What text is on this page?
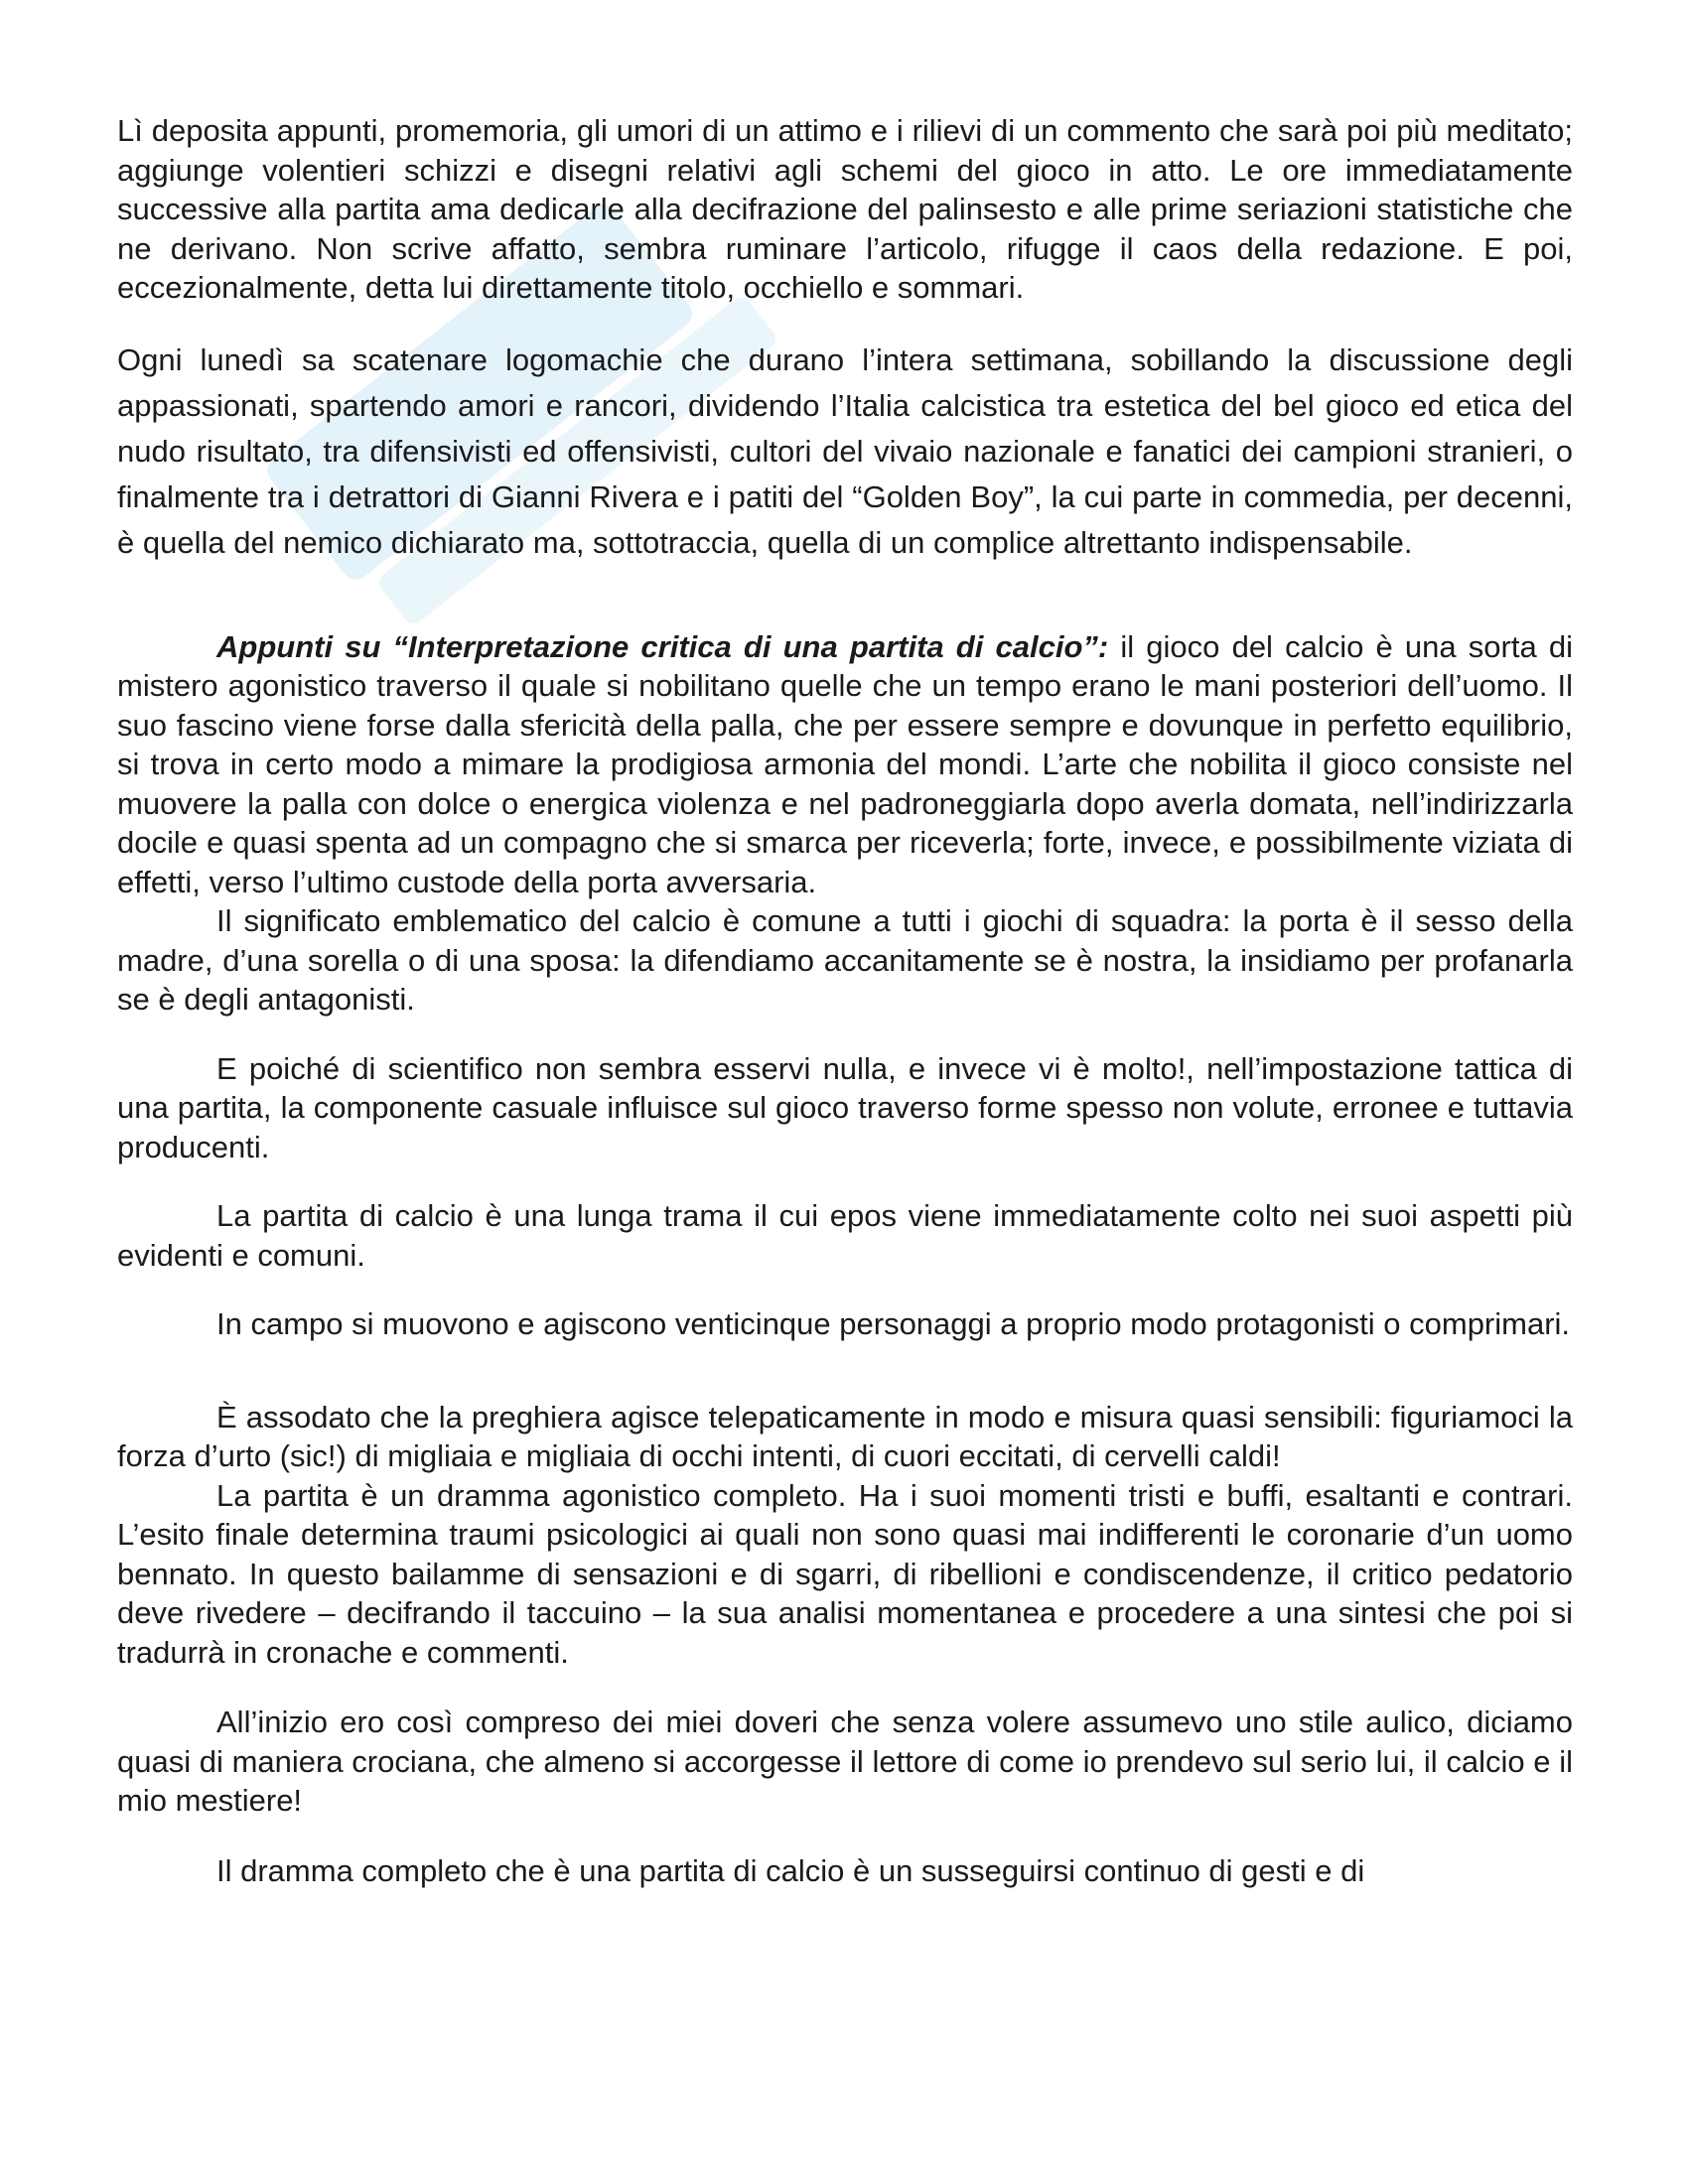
Lì deposita appunti, promemoria, gli umori di un attimo e i rilievi di un commento che sarà poi più meditato; aggiunge volentieri schizzi e disegni relativi agli schemi del gioco in atto. Le ore immediatamente successive alla partita ama dedicarle alla decifrazione del palinsesto e alle prime seriazioni statistiche che ne derivano. Non scrive affatto, sembra ruminare l’articolo, rifugge il caos della redazione. E poi, eccezionalmente, detta lui direttamente titolo, occhiello e sommari.

Ogni lunedì sa scatenare logomachie che durano l’intera settimana, sobillando la discussione degli appassionati, spartendo amori e rancori, dividendo l’Italia calcistica tra estetica del bel gioco ed etica del nudo risultato, tra difensivisti ed offensivisti, cultori del vivaio nazionale e fanatici dei campioni stranieri, o finalmente tra i detrattori di Gianni Rivera e i patiti del “Golden Boy”, la cui parte in commedia, per decenni, è quella del nemico dichiarato ma, sottotraccia, quella di un complice altrettanto indispensabile.

Appunti su “Interpretazione critica di una partita di calcio”: il gioco del calcio è una sorta di mistero agonistico traverso il quale si nobilitano quelle che un tempo erano le mani posteriori dell’uomo. Il suo fascino viene forse dalla sfericità della palla, che per essere sempre e dovunque in perfetto equilibrio, si trova in certo modo a mimare la prodigiosa armonia del mondi. L’arte che nobilita il gioco consiste nel muovere la palla con dolce o energica violenza e nel padroneggiarla dopo averla domata, nell’indirizzarla docile e quasi spenta ad un compagno che si smarca per riceverla; forte, invece, e possibilmente viziata di effetti, verso l’ultimo custode della porta avversaria.

Il significato emblematico del calcio è comune a tutti i giochi di squadra: la porta è il sesso della madre, d’una sorella o di una sposa: la difendiamo accanitamente se è nostra, la insidiamo per profanarla se è degli antagonisti.

E poiché di scientifico non sembra esservi nulla, e invece vi è molto!, nell’impostazione tattica di una partita, la componente casuale influisce sul gioco traverso forme spesso non volute, erronee e tuttavia producenti.

La partita di calcio è una lunga trama il cui epos viene immediatamente colto nei suoi aspetti più evidenti e comuni.

In campo si muovono e agiscono venticinque personaggi a proprio modo protagonisti o comprimari.

È assodato che la preghiera agisce telepaticamente in modo e misura quasi sensibili: figuriamoci la forza d’urto (sic!) di migliaia e migliaia di occhi intenti, di cuori eccitati, di cervelli caldi!

La partita è un dramma agonistico completo. Ha i suoi momenti tristi e buffi, esaltanti e contrari. L’esito finale determina traumi psicologici ai quali non sono quasi mai indifferenti le coronarie d’un uomo bennato. In questo bailamme di sensazioni e di sgarri, di ribellioni e condiscendenze, il critico pedatorio deve rivedere – decifrando il taccuino – la sua analisi momentanea e procedere a una sintesi che poi si tradurrà in cronache e commenti.

All’inizio ero così compreso dei miei doveri che senza volere assumevo uno stile aulico, diciamo quasi di maniera crociana, che almeno si accorgesse il lettore di come io prendevo sul serio lui, il calcio e il mio mestiere!

Il dramma completo che è una partita di calcio è un susseguirsi continuo di gesti e di
